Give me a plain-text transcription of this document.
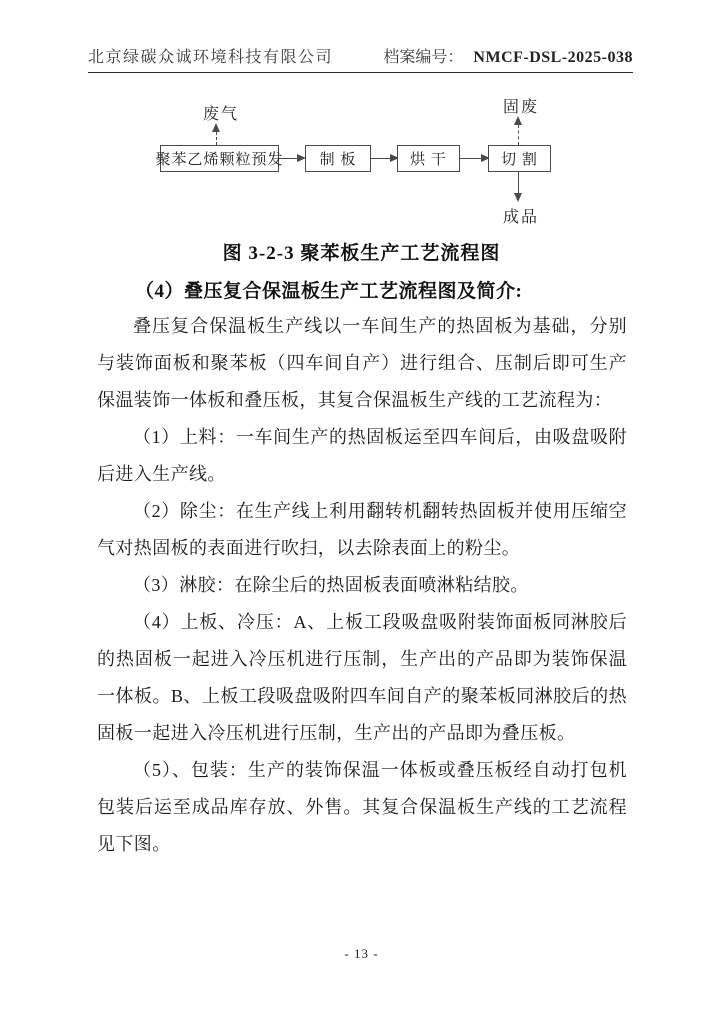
北京绿碳众诚环境科技有限公司	档案编号： NMCF-DSL-2025-038
废气	固废
聚苯乙烯颗粒预发	制 板	烘 干	切 割
成品
图 3-2-3 聚苯板生产工艺流程图
（4）叠压复合保温板生产工艺流程图及简介:

叠压复合保温板生产线以一车间生产的热固板为基础，分别与装饰面板和聚苯板（四车间自产）进行组合、压制后即可生产保温装饰一体板和叠压板，其复合保温板生产线的工艺流程为：

（1）上料：一车间生产的热固板运至四车间后，由吸盘吸附后进入生产线。

（2）除尘：在生产线上利用翻转机翻转热固板并使用压缩空气对热固板的表面进行吹扫，以去除表面上的粉尘。

（3）淋胶：在除尘后的热固板表面喷淋粘结胶。

（4）上板、冷压：A、上板工段吸盘吸附装饰面板同淋胶后的热固板一起进入冷压机进行压制，生产出的产品即为装饰保温一体板。B、上板工段吸盘吸附四车间自产的聚苯板同淋胶后的热固板一起进入冷压机进行压制，生产出的产品即为叠压板。

（5）、包装：生产的装饰保温一体板或叠压板经自动打包机包装后运至成品库存放、外售。其复合保温板生产线的工艺流程见下图。

- 13 -
